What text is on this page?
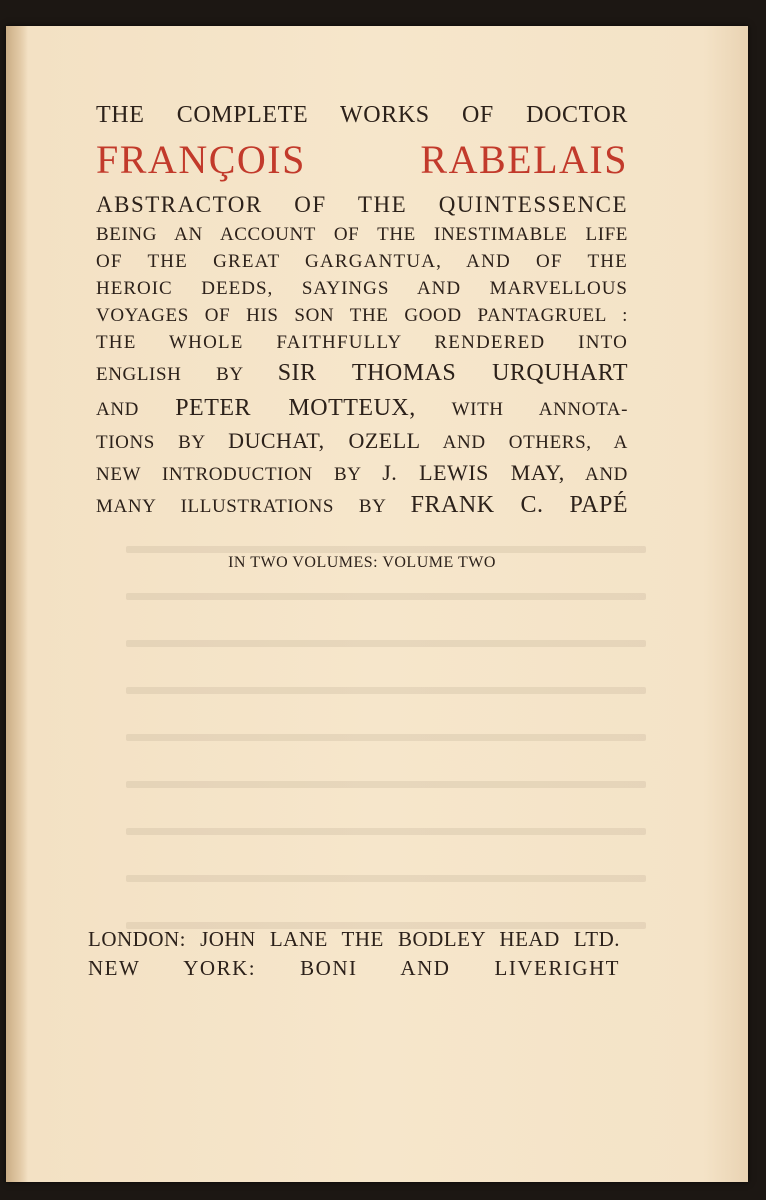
THE COMPLETE WORKS OF DOCTOR
FRANÇOIS RABELAIS
ABSTRACTOR OF THE QUINTESSENCE
BEING AN ACCOUNT OF THE INESTIMABLE LIFE
OF THE GREAT GARGANTUA, AND OF THE
HEROIC DEEDS, SAYINGS AND MARVELLOUS
VOYAGES OF HIS SON THE GOOD PANTAGRUEL :
THE WHOLE FAITHFULLY RENDERED INTO
ENGLISH BY SIR THOMAS URQUHART
AND PETER MOTTEUX, WITH ANNOTA-
TIONS BY DUCHAT, OZELL AND OTHERS, A
NEW INTRODUCTION BY J. LEWIS MAY, AND
MANY ILLUSTRATIONS BY FRANK C. PAPÉ
IN TWO VOLUMES: VOLUME TWO
LONDON: JOHN LANE THE BODLEY HEAD LTD.
NEW YORK: BONI AND LIVERIGHT
